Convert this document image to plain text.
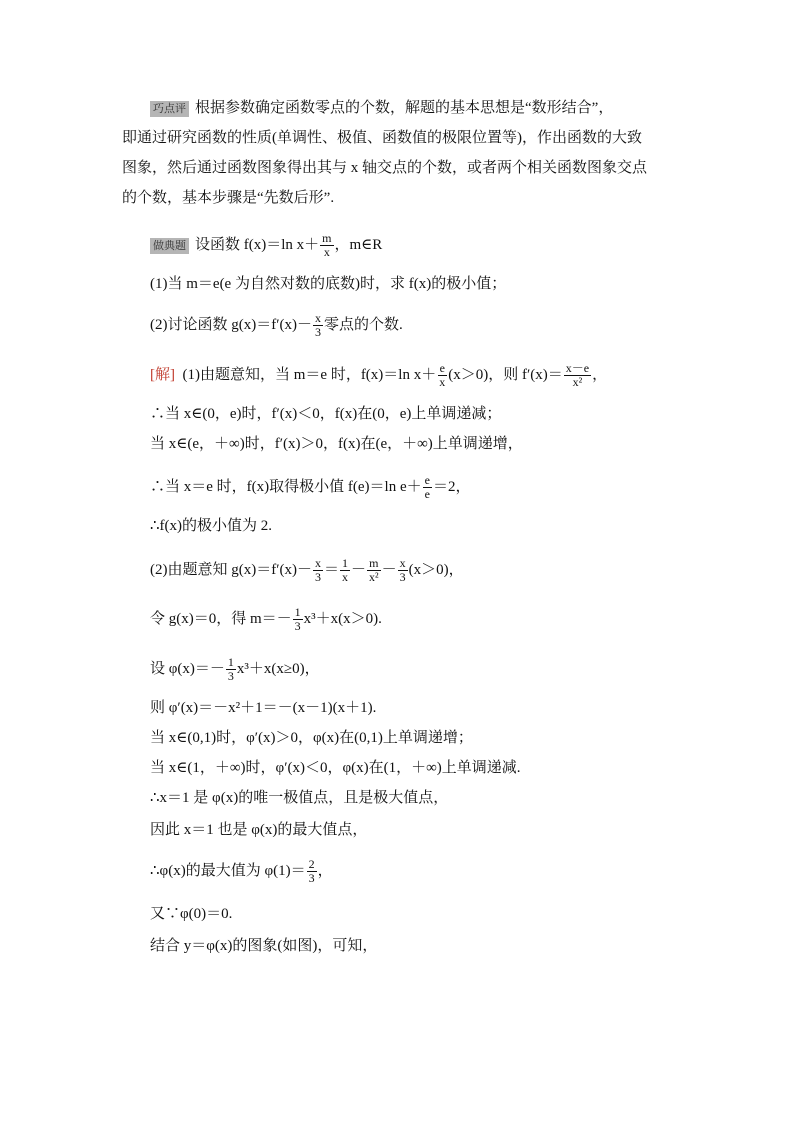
巧点评 根据参数确定函数零点的个数，解题的基本思想是“数形结合”，
即通过研究函数的性质(单调性、极值、函数值的极限位置等)，作出函数的大致
图象，然后通过函数图象得出其与 x 轴交点的个数，或者两个相关函数图象交点
的个数，基本步骤是“先数后形”.
做典题 设函数 f(x)＝ln $x+ \frac{m}{x}$ ，m∈R
(1)当 m＝e(e 为自然对数的底数)时，求 f(x)的极小值；
(2)讨论函数 $g(x)=f'(x)- \frac{x}{3}$ 零点的个数.
[解] (1)由题意知，当 m＝e 时，f(x)＝ln $x+ \frac{e}{x} (x>0)$，则 $f'(x)= \frac{x-e}{\text{x²}}$ ，
∴当 x∈(0，e)时，f′(x)＜0，f(x)在(0，e)上单调递减；
当 x∈(e，＋∞)时，f′(x)＞0，f(x)在(e，＋∞)上单调递增，
∴当 x＝e 时，f(x)取得极小值 f(e)＝ln $e+ \frac{e}{e} =2$，
∴f(x)的极小值为 2.
(2)由题意知 $g(x)=f'(x)- \frac{x}{3} = \frac{1}{x} - \frac{m}{\text{x²}} - \frac{x}{3} (x>0)$，
令 g(x)＝0，得 $m=- \frac{1}{3} x^3+x(x>0)$.
设 $\varphi(x)=- \frac{1}{3} x^3+x(x\ge 0)$，
则 φ′(x)＝－x²＋1＝－(x－1)(x＋1).
当 x∈(0,1)时，φ′(x)＞0，φ(x)在(0,1)上单调递增；
当 x∈(1，＋∞)时，φ′(x)＜0，φ(x)在(1，＋∞)上单调递减.
∴x＝1 是 φ(x)的唯一极值点，且是极大值点，
因此 x＝1 也是 φ(x)的最大值点，
∴φ(x)的最大值为 $\varphi(1)= \frac{2}{3}$ ，
又∵φ(0)＝0.
结合 y＝φ(x)的图象(如图)，可知，
